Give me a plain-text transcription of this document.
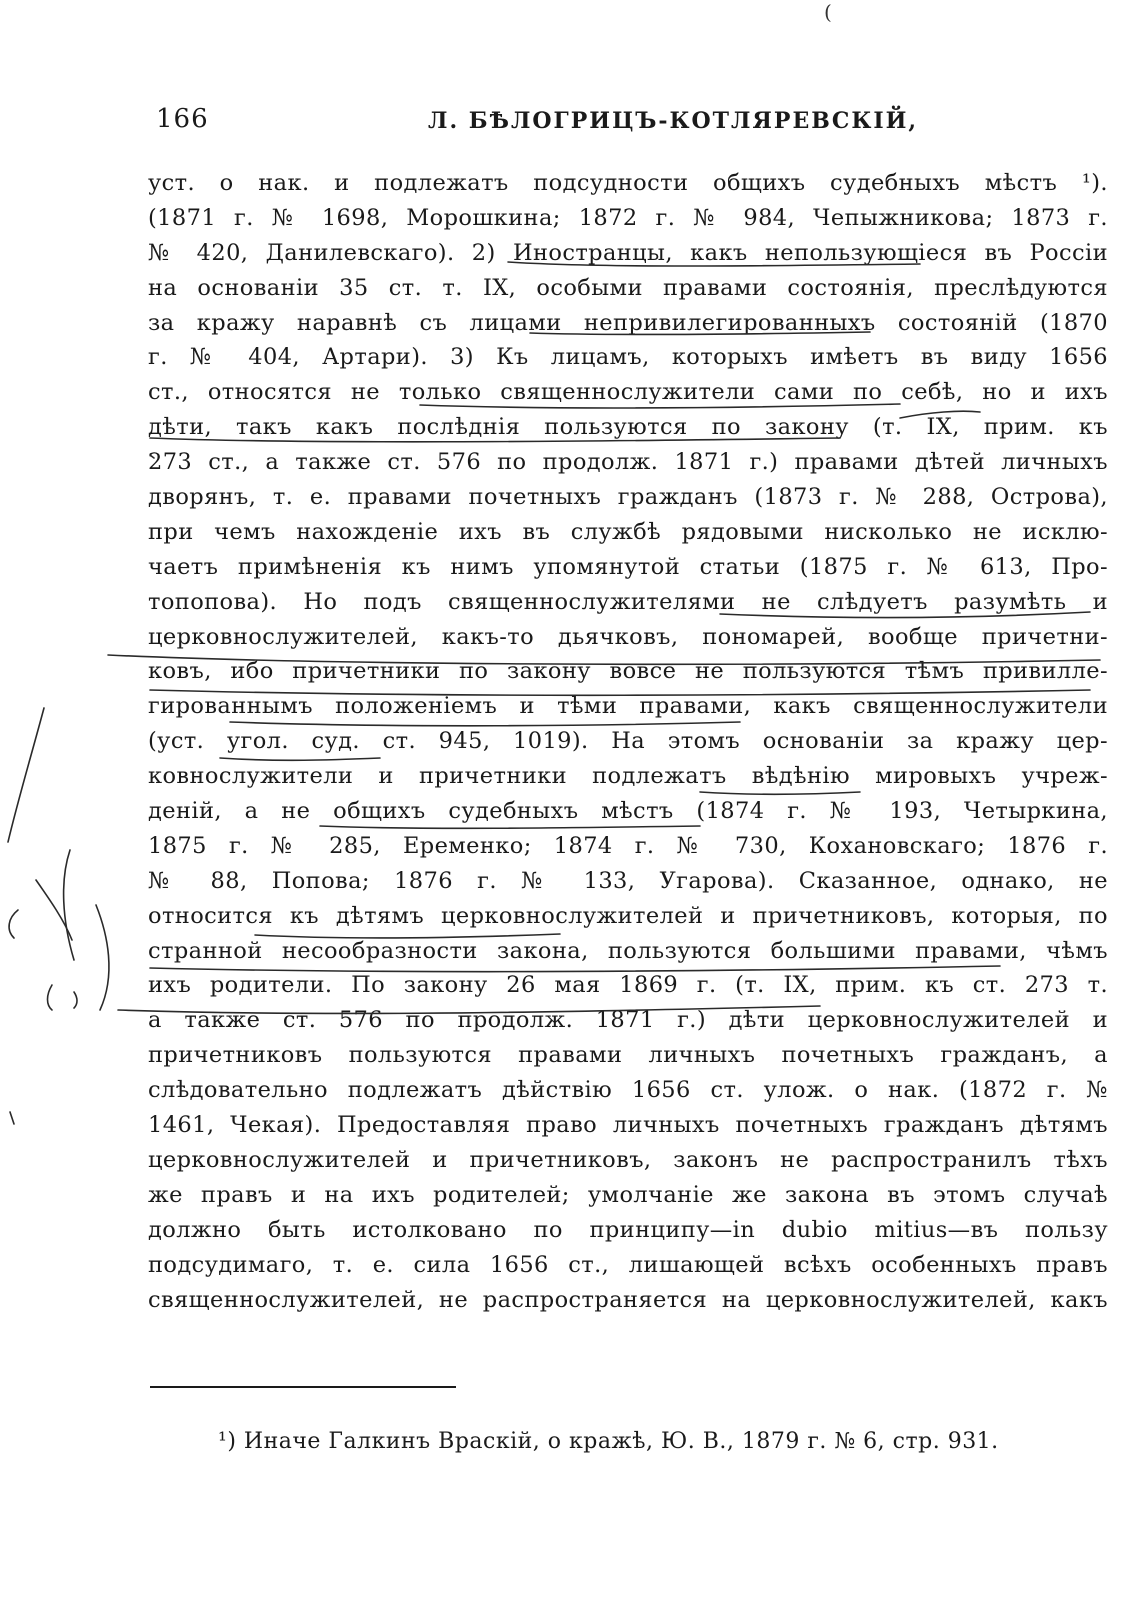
(
166	Л. БѢЛОГРИЦЪ-КОТЛЯРЕВСКІЙ,
уст. о нак. и подлежатъ подсудности общихъ судебныхъ мѣстъ ¹).
(1871 г. № 1698, Морошкина; 1872 г. № 984, Чепыжникова; 1873 г.
№ 420, Данилевскаго). 2) Иностранцы, какъ непользующіеся въ Россіи
на основаніи 35 ст. т. IX, особыми правами состоянія, преслѣдуются
за кражу наравнѣ съ лицами непривилегированныхъ состояній (1870
г. № 404, Артари). 3) Къ лицамъ, которыхъ имѣетъ въ виду 1656
ст., относятся не только священнослужители сами по себѣ, но и ихъ
дѣти, такъ какъ послѣднія пользуются по закону (т. IX, прим. къ
273 ст., а также ст. 576 по продолж. 1871 г.) правами дѣтей личныхъ
дворянъ, т. е. правами почетныхъ гражданъ (1873 г. № 288, Острова),
при чемъ нахожденіе ихъ въ службѣ рядовыми нисколько не исклю-
чаетъ примѣненія къ нимъ упомянутой статьи (1875 г. № 613, Про-
топопова). Но подъ священнослужителями не слѣдуетъ разумѣть и
церковнослужителей, какъ-то дьячковъ, пономарей, вообще причетни-
ковъ, ибо причетники по закону вовсе не пользуются тѣмъ привилле-
гированнымъ положеніемъ и тѣми правами, какъ священнослужители
(уст. угол. суд. ст. 945, 1019). На этомъ основаніи за кражу цер-
ковнослужители и причетники подлежатъ вѣдѣнію мировыхъ учреж-
деній, а не общихъ судебныхъ мѣстъ (1874 г. № 193, Четыркина,
1875 г. № 285, Еременко; 1874 г. № 730, Кохановскаго; 1876 г.
№ 88, Попова; 1876 г. № 133, Угарова). Сказанное, однако, не
относится къ дѣтямъ церковнослужителей и причетниковъ, которыя, по
странной несообразности закона, пользуются большими правами, чѣмъ
ихъ родители. По закону 26 мая 1869 г. (т. IX, прим. къ ст. 273 т.
а также ст. 576 по продолж. 1871 г.) дѣти церковнослужителей и
причетниковъ пользуются правами личныхъ почетныхъ гражданъ, а
слѣдовательно подлежатъ дѣйствію 1656 ст. улож. о нак. (1872 г. №
1461, Чекая). Предоставляя право личныхъ почетныхъ гражданъ дѣтямъ
церковнослужителей и причетниковъ, законъ не распространилъ тѣхъ
же правъ и на ихъ родителей; умолчаніе же закона въ этомъ случаѣ
должно быть истолковано по принципу—in dubio mitius—въ пользу
подсудимаго, т. е. сила 1656 ст., лишающей всѣхъ особенныхъ правъ
священнослужителей, не распространяется на церковнослужителей, какъ
¹) Иначе Галкинъ Враскій, о кражѣ, Ю. В., 1879 г. № 6, стр. 931.
